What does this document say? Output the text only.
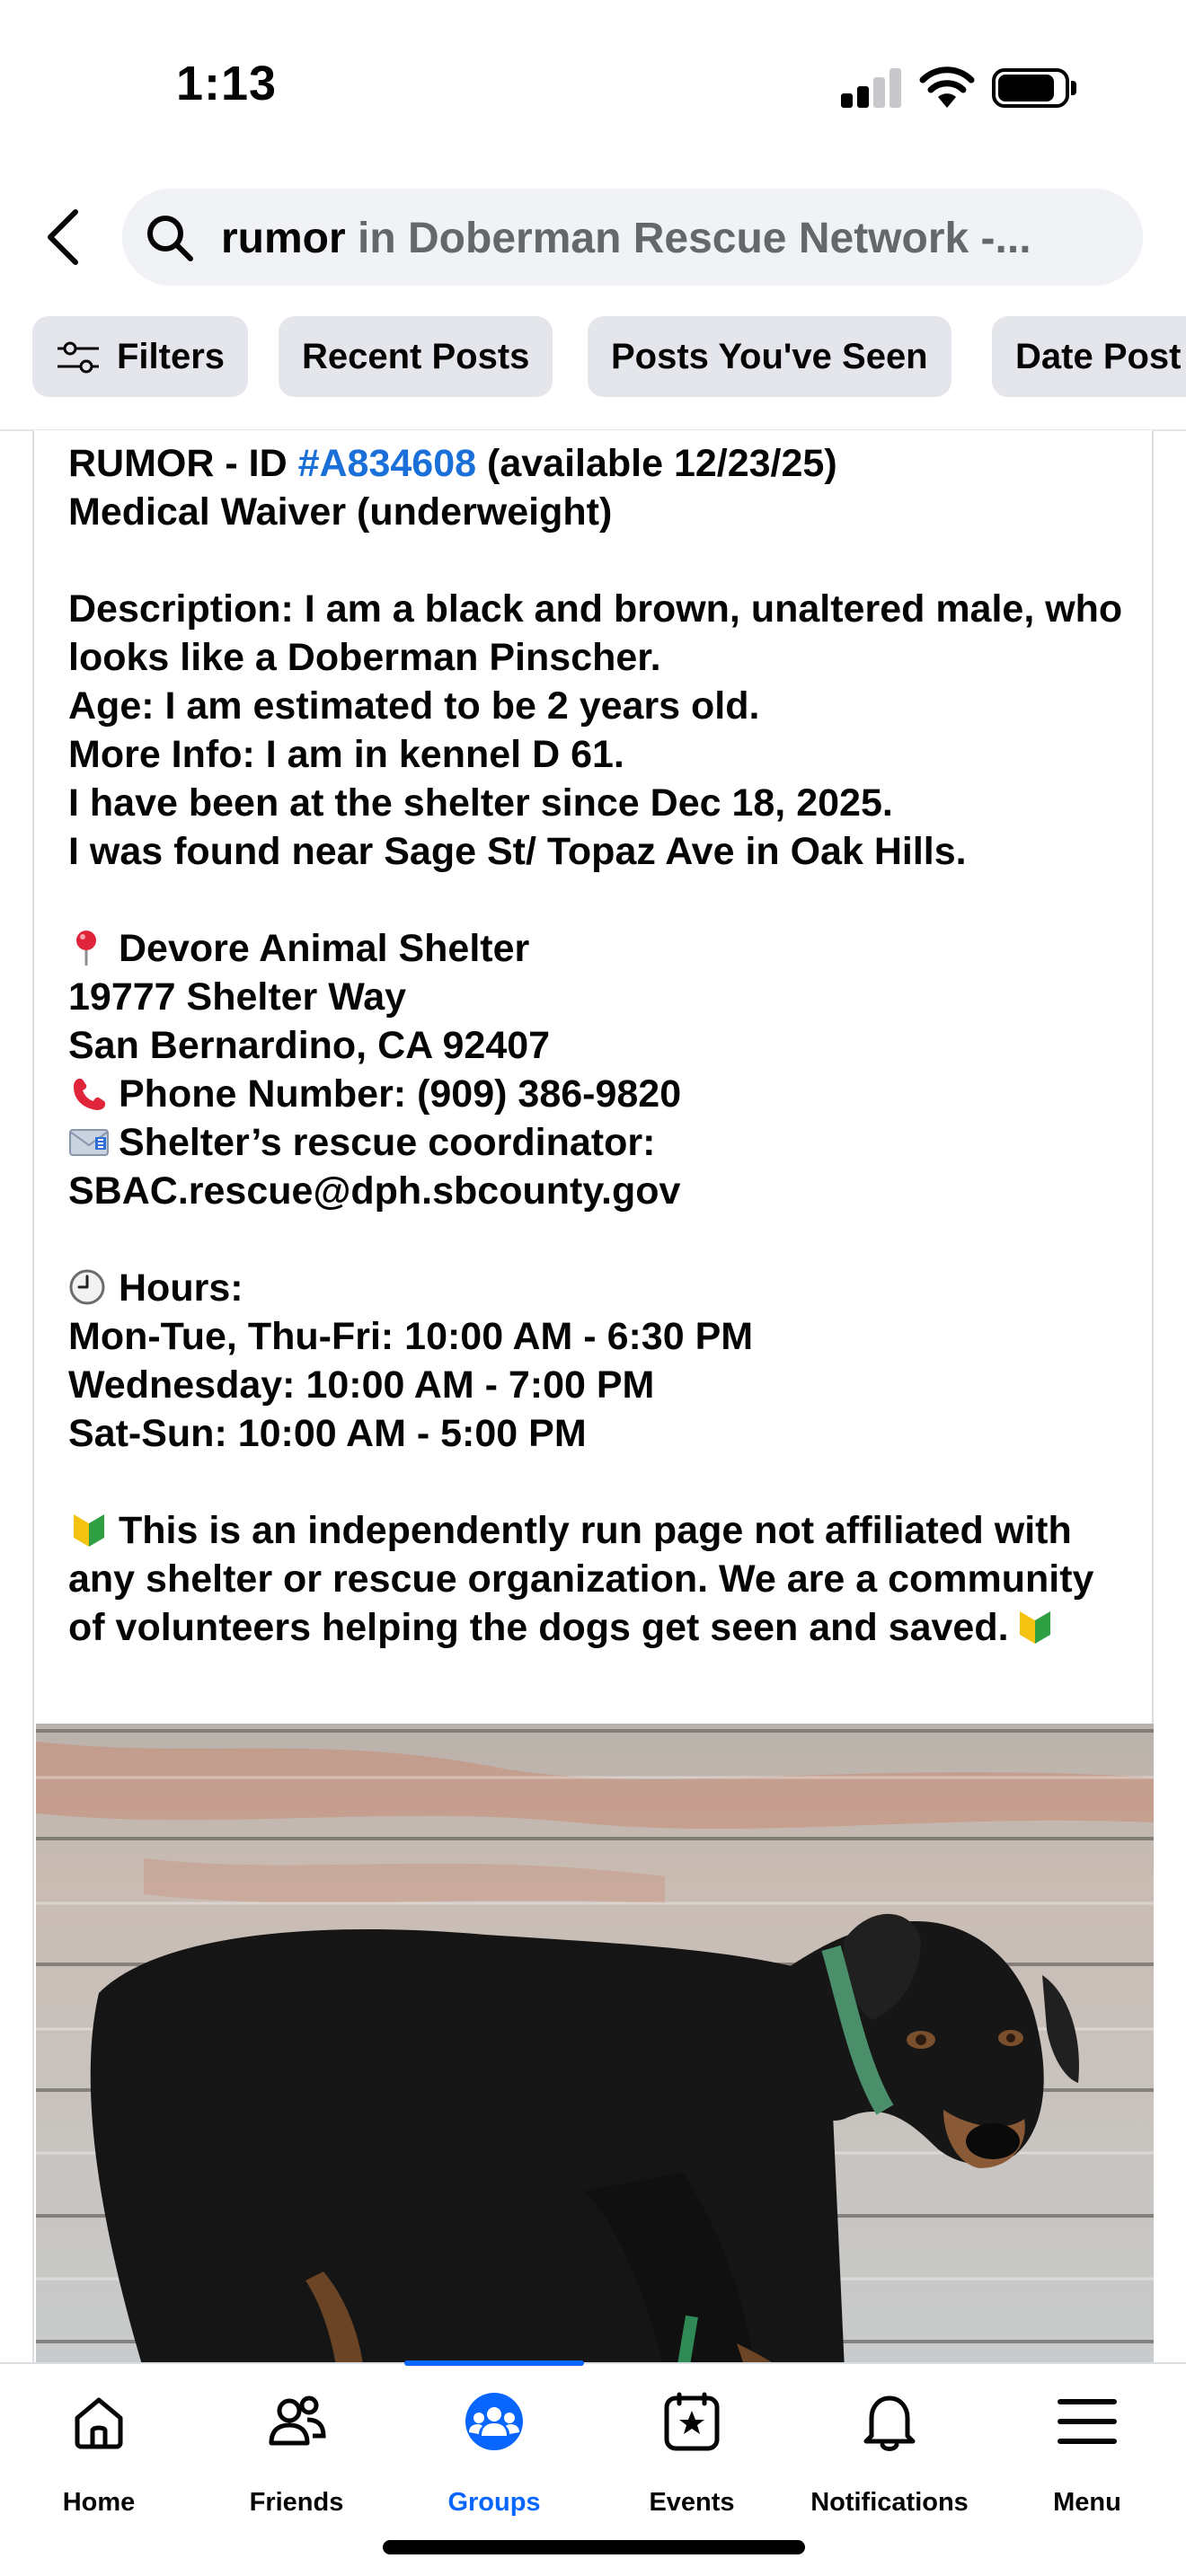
1:13
rumor in Doberman Rescue Network -...
Filters	Recent Posts	Posts You've Seen	Date Post

RUMOR - ID #A834608 (available 12/23/25)

Medical Waiver (underweight)

Description: I am a black and brown, unaltered male, who looks like a Doberman Pinscher.

Age: I am estimated to be 2 years old.

More Info: I am in kennel D 61.

I have been at the shelter since Dec 18, 2025.

I was found near Sage St/ Topaz Ave in Oak Hills.

Devore Animal Shelter

19777 Shelter Way

San Bernardino, CA 92407

Phone Number: (909) 386-9820

Shelter’s rescue coordinator:

SBAC.rescue@dph.sbcounty.gov

Hours:

Mon-Tue, Thu-Fri: 10:00 AM - 6:30 PM

Wednesday: 10:00 AM - 7:00 PM

Sat-Sun: 10:00 AM - 5:00 PM

This is an independently run page not affiliated with any shelter or rescue organization. We are a community of volunteers helping the dogs get seen and saved.

Home	Friends	Groups	Events	Notifications	Menu
